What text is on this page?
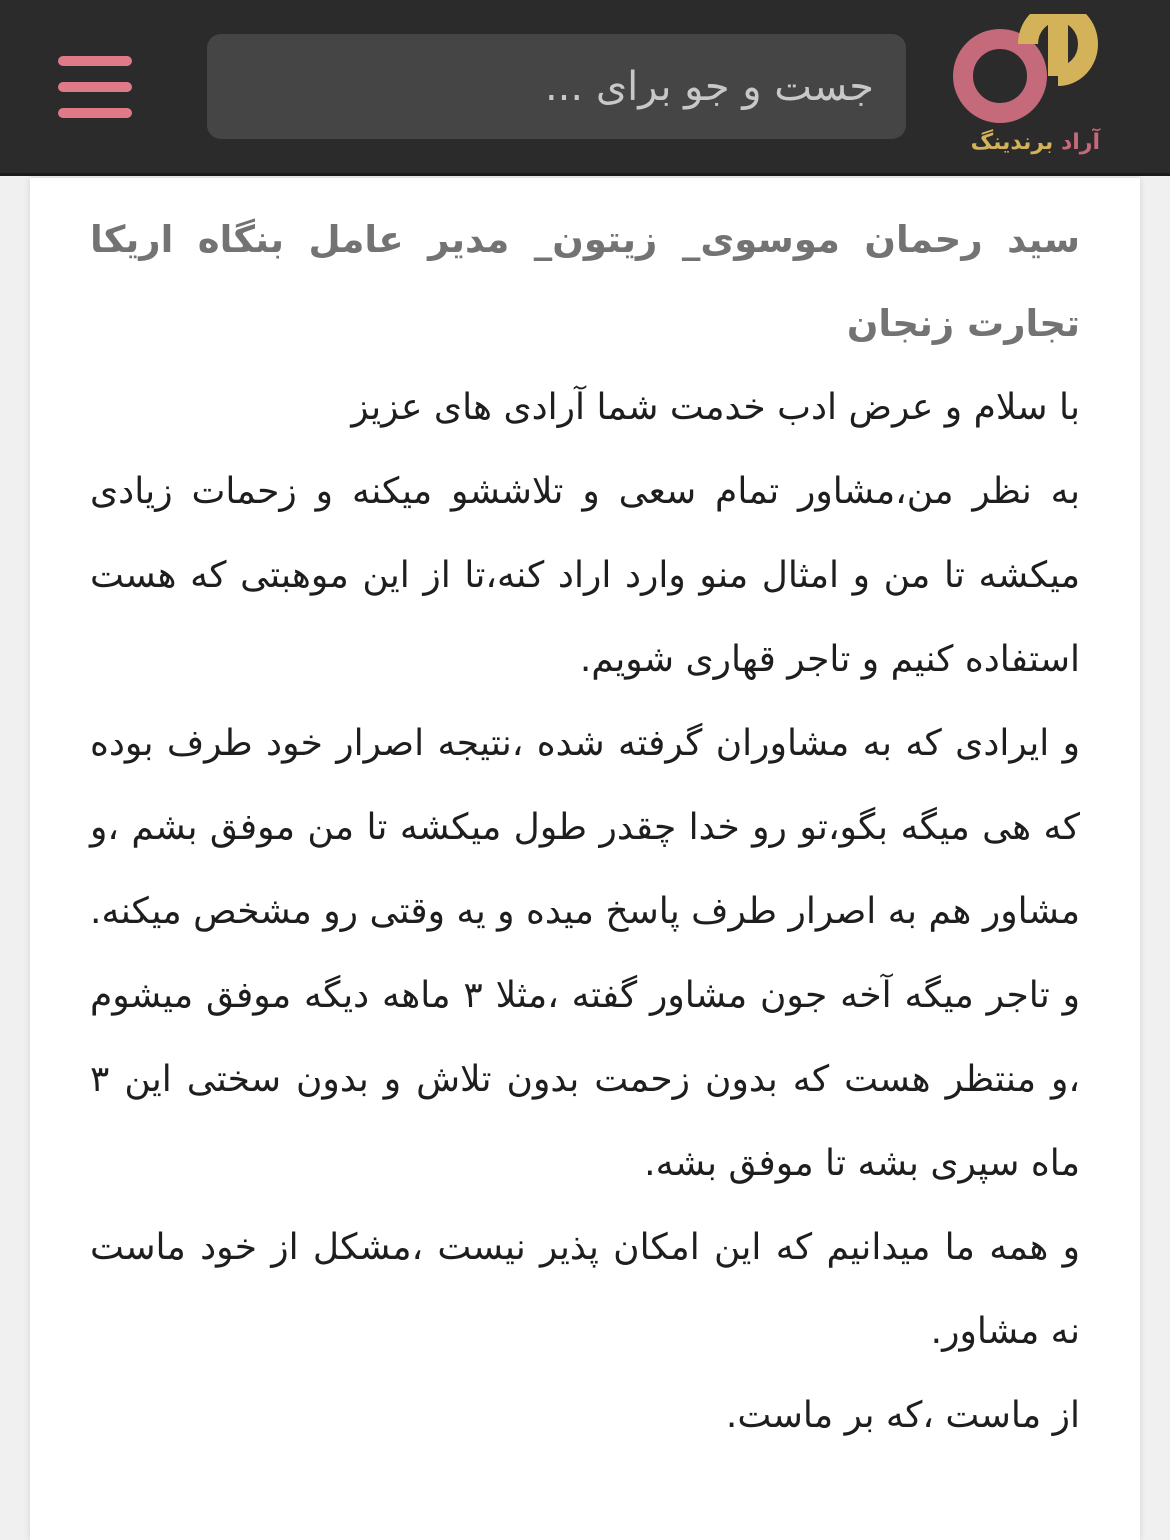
آراد برندینگ
جست و جو برای ...

سید رحمان موسوی_ زیتون_ مدیر عامل بنگاه اریکا تجارت زنجان

با سلام و عرض ادب خدمت شما آرادی های عزیز

به نظر من،مشاور تمام سعی و تلاششو میکنه و زحمات زیادی میکشه تا من و امثال منو وارد اراد کنه،تا از این موهبتی که هست استفاده کنیم و تاجر قهاری شویم.

و ایرادی که به مشاوران گرفته شده ،نتیجه اصرار خود طرف بوده که هی میگه بگو،تو رو خدا چقدر طول میکشه تا من موفق بشم ،و مشاور هم به اصرار طرف پاسخ میده و یه وقتی رو مشخص میکنه.

و تاجر میگه آخه جون مشاور گفته ،مثلا ۳ ماهه دیگه موفق میشوم ،و منتظر هست که بدون زحمت بدون تلاش و بدون سختی این ۳ ماه سپری بشه تا موفق بشه.

و همه ما میدانیم که این امکان پذیر نیست ،مشکل از خود ماست نه مشاور.

از ماست ،که بر ماست.
